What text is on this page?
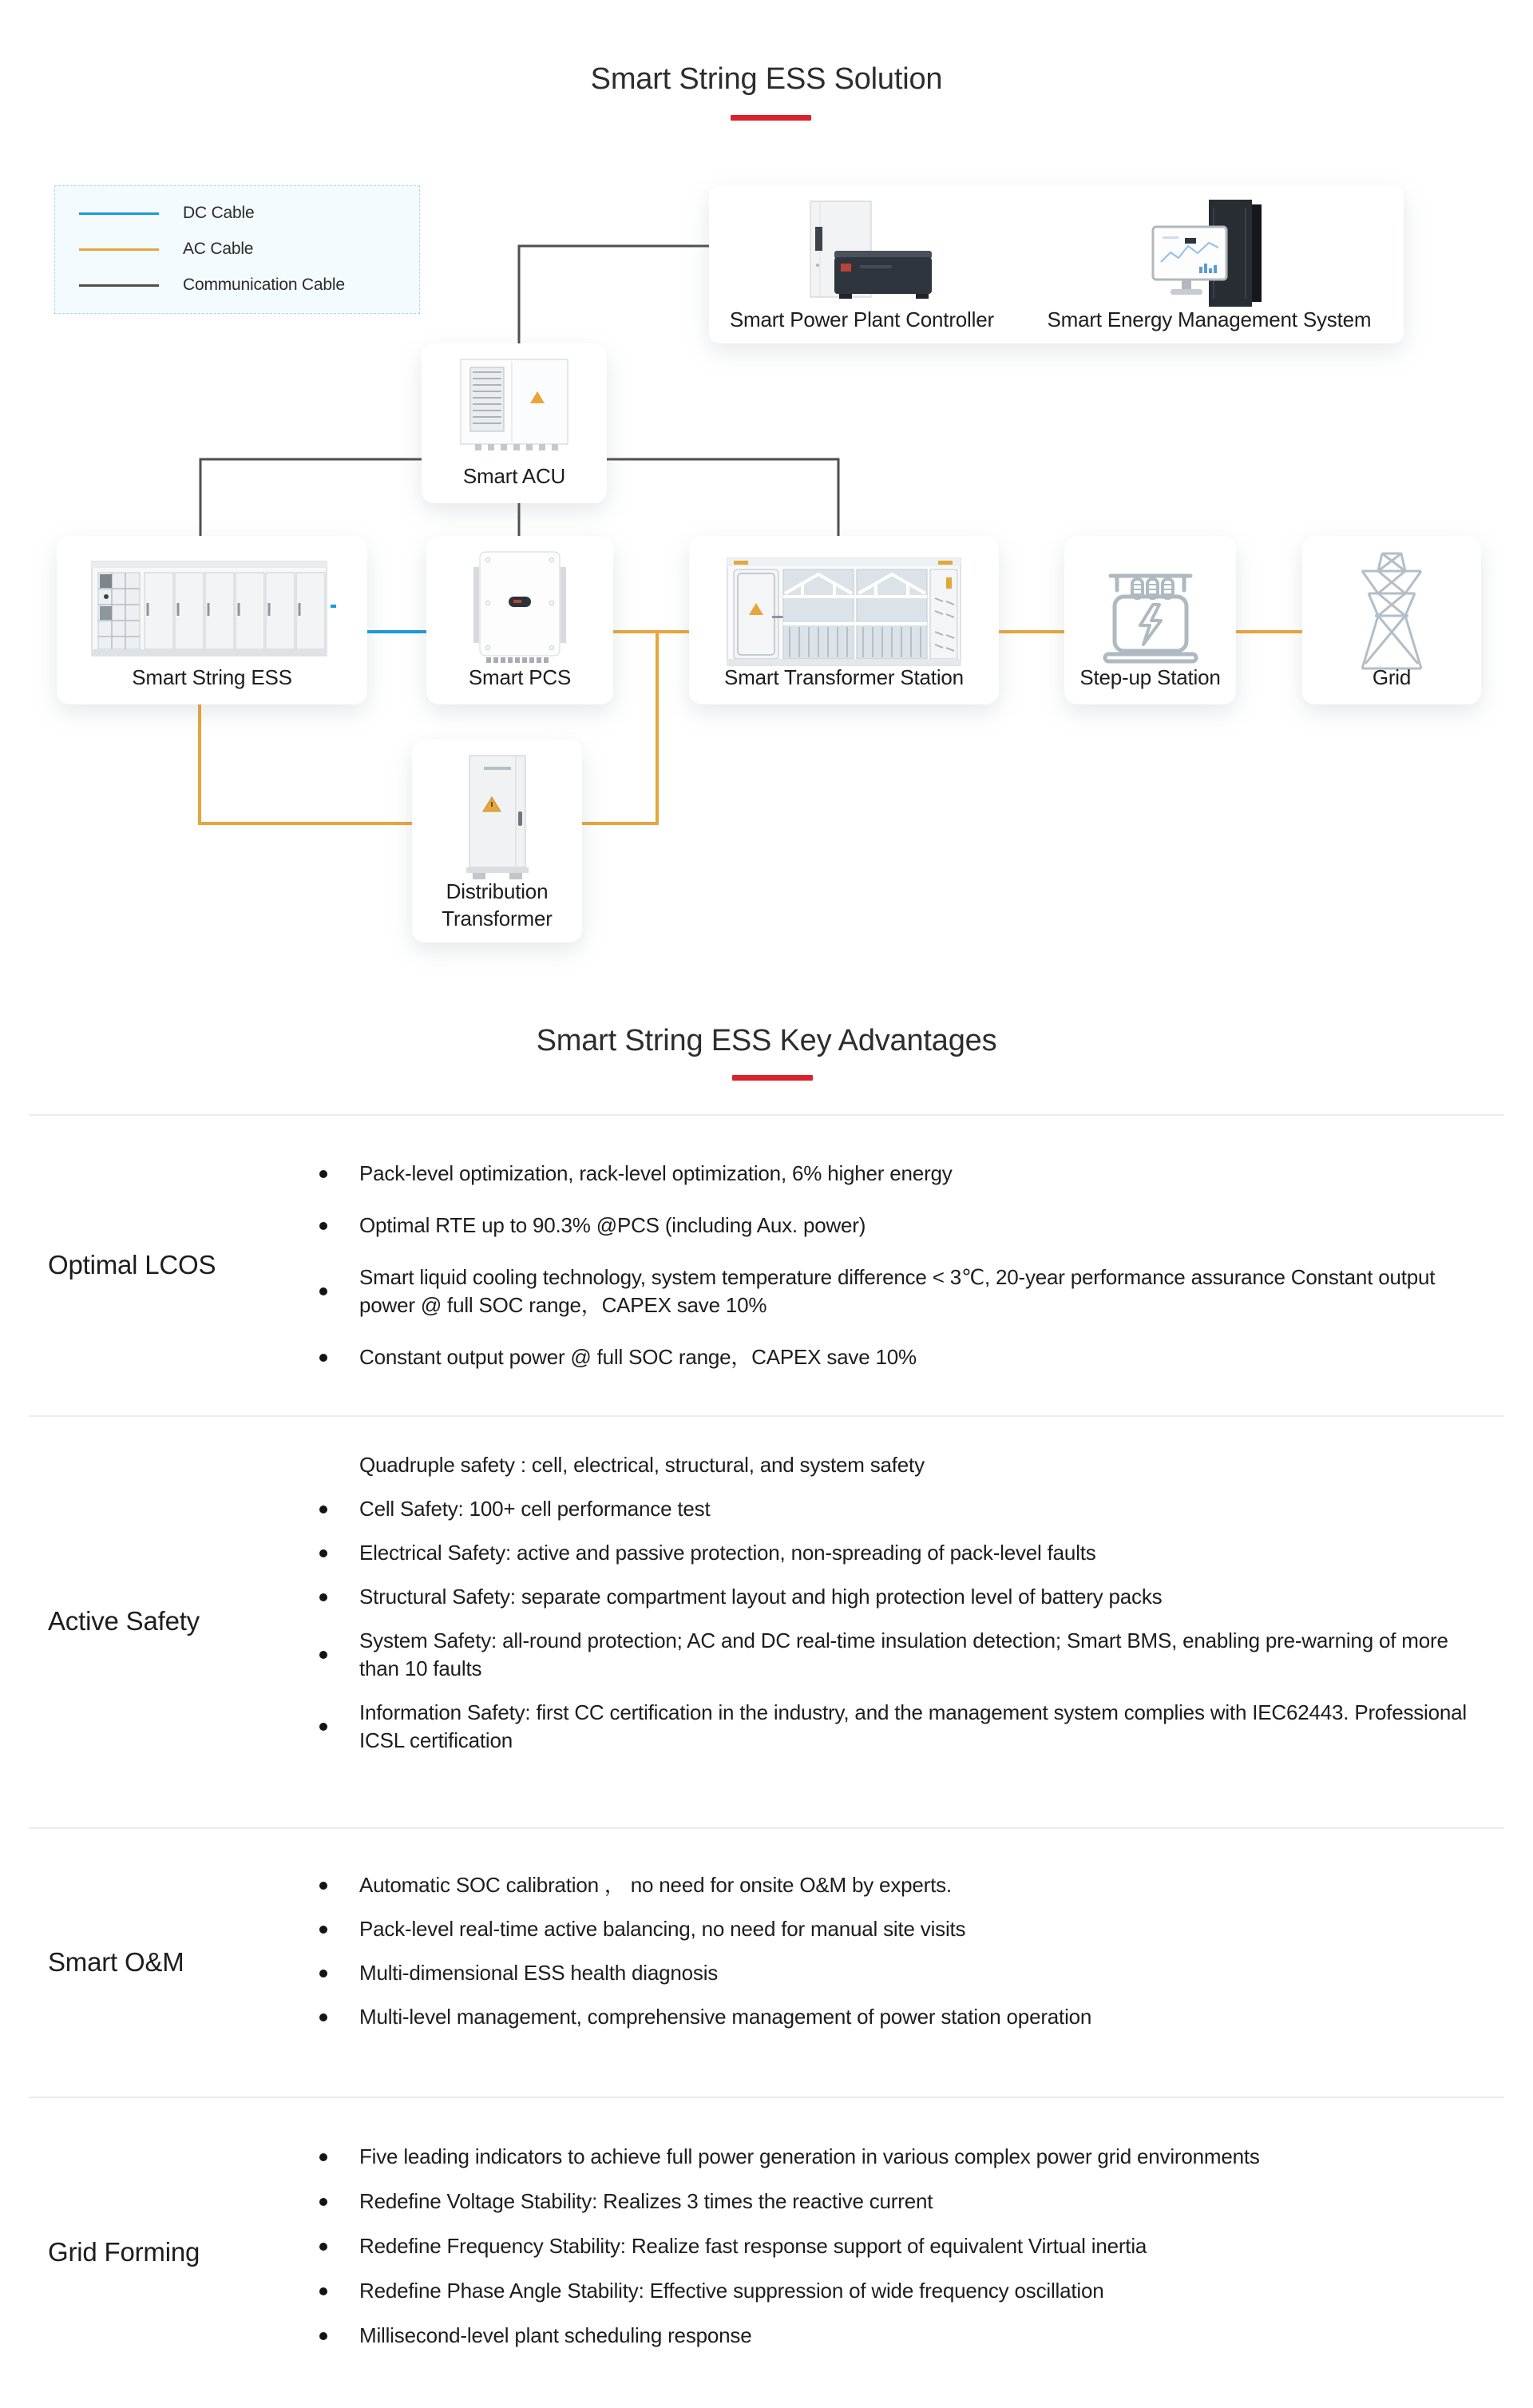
Smart String ESS Solution
DC Cable
AC Cable
Communication Cable
Smart Power Plant Controller	Smart Energy Management System
Smart ACU
Smart String ESS	Smart PCS	Smart Transformer Station	Step-up Station	Grid
Distribution
Transformer
Smart String ESS Key Advantages
Optimal LCOS
Pack-level optimization, rack-level optimization, 6% higher energy
Optimal RTE up to 90.3% @PCS (including Aux. power)
Smart liquid cooling technology, system temperature difference < 3℃, 20-year performance assurance Constant output power @ full SOC range，CAPEX save 10%
Constant output power @ full SOC range，CAPEX save 10%
Active Safety
Quadruple safety : cell, electrical, structural, and system safety
Cell Safety: 100+ cell performance test
Electrical Safety: active and passive protection, non-spreading of pack-level faults
Structural Safety: separate compartment layout and high protection level of battery packs
System Safety: all-round protection; AC and DC real-time insulation detection; Smart BMS, enabling pre-warning of more than 10 faults
Information Safety: first CC certification in the industry, and the management system complies with IEC62443. Professional ICSL certification
Smart O&M
Automatic SOC calibration ， no need for onsite O&M by experts.
Pack-level real-time active balancing, no need for manual site visits
Multi-dimensional ESS health diagnosis
Multi-level management, comprehensive management of power station operation
Grid Forming
Five leading indicators to achieve full power generation in various complex power grid environments
Redefine Voltage Stability: Realizes 3 times the reactive current
Redefine Frequency Stability: Realize fast response support of equivalent Virtual inertia
Redefine Phase Angle Stability: Effective suppression of wide frequency oscillation
Millisecond-level plant scheduling response
